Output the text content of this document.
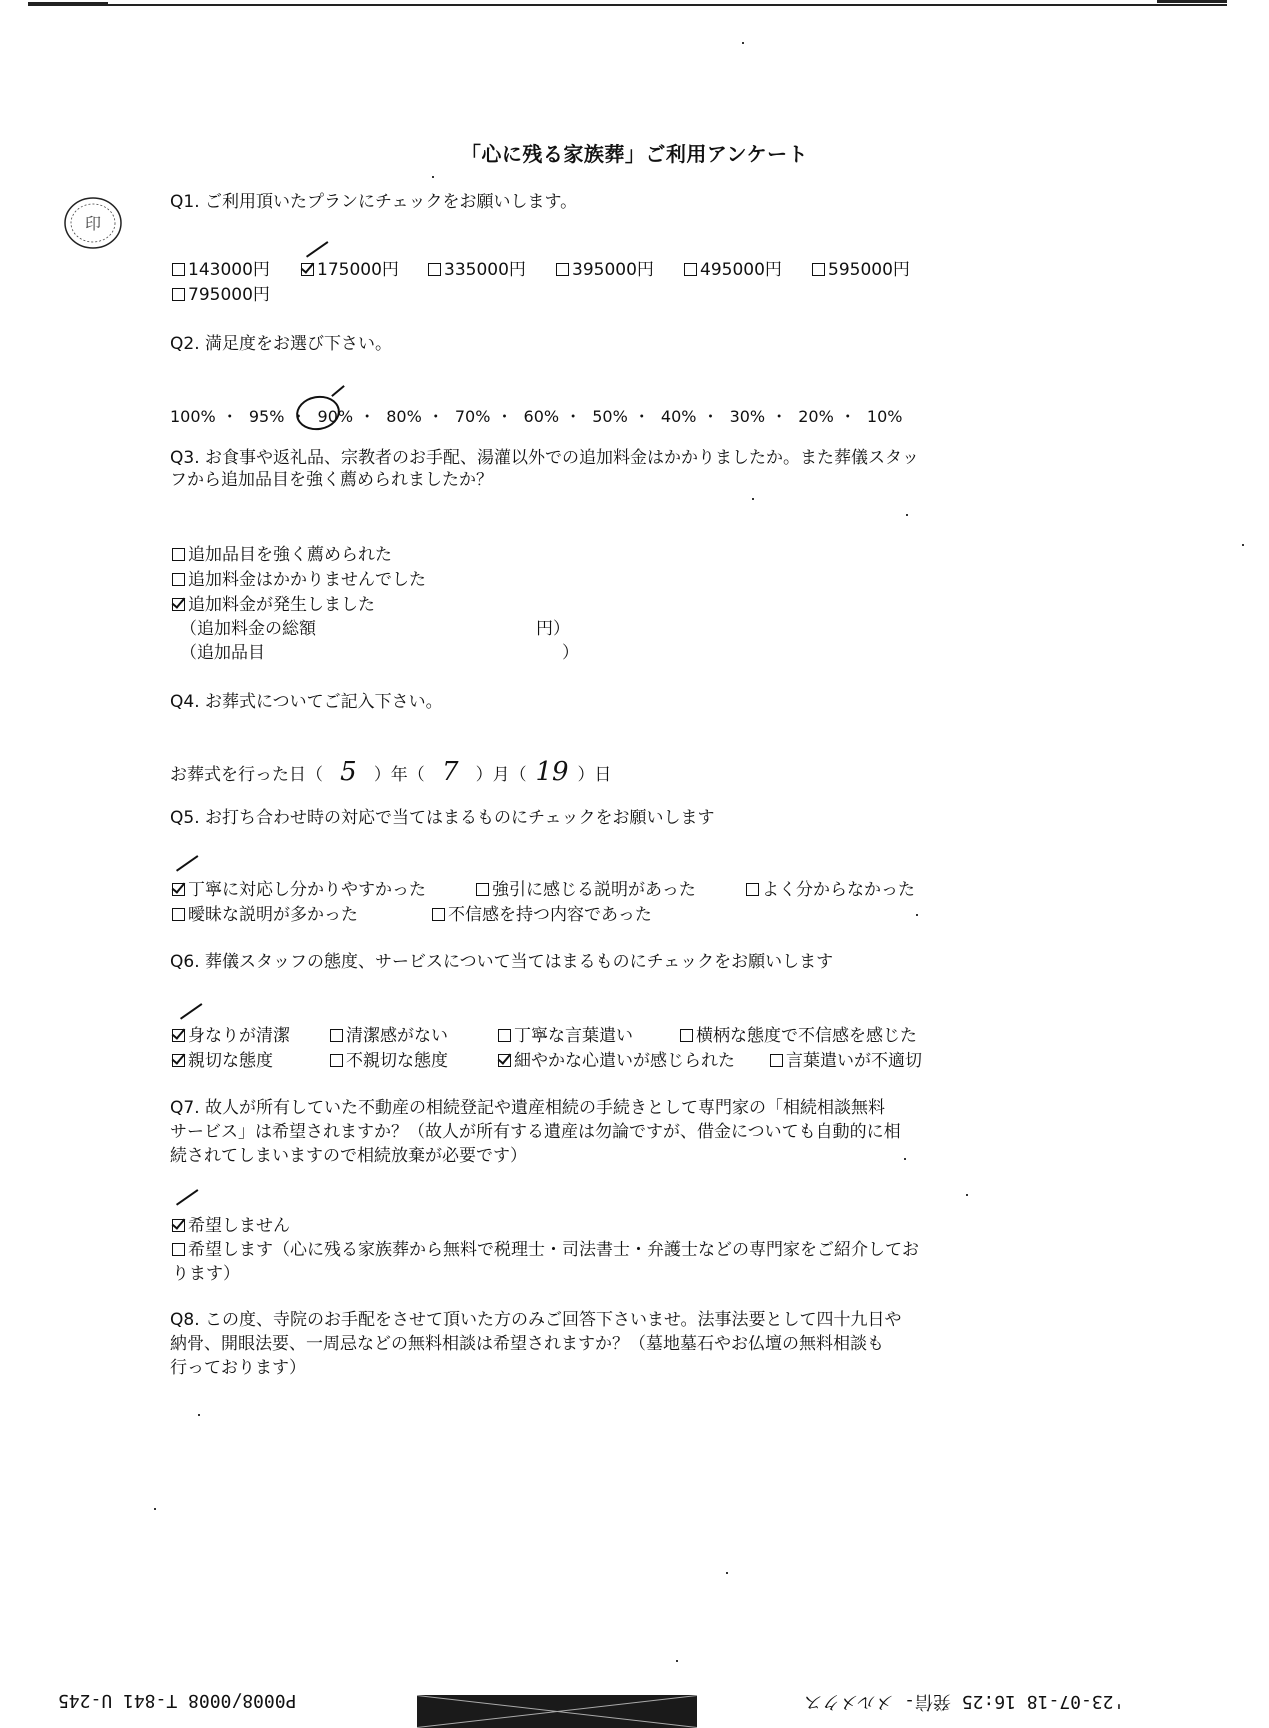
「心に残る家族葬」ご利用アンケート
印
Q1. ご利用頂いたプランにチェックをお願いします。
143000円	175000円	335000円	395000円	495000円	595000円
795000円
Q2. 満足度をお選び下さい。
100% ・ 95% ・ 90% ・ 80% ・ 70% ・ 60% ・ 50% ・ 40% ・ 30% ・ 20% ・ 10%
Q3. お食事や返礼品、宗教者のお手配、湯灌以外での追加料金はかかりましたか。また葬儀スタッ
フから追加品目を強く薦められましたか？
追加品目を強く薦められた
追加料金はかかりませんでした
追加料金が発生しました
（追加料金の総額	円）
（追加品目	）
Q4. お葬式についてご記入下さい。
お葬式を行った日（ 5 ）年（ 7 ）月（ 19 ）日
Q5. お打ち合わせ時の対応で当てはまるものにチェックをお願いします
丁寧に対応し分かりやすかった	強引に感じる説明があった	よく分からなかった
曖昧な説明が多かった	不信感を持つ内容であった
Q6. 葬儀スタッフの態度、サービスについて当てはまるものにチェックをお願いします
身なりが清潔	清潔感がない	丁寧な言葉遣い	横柄な態度で不信感を感じた
親切な態度	不親切な態度	細やかな心遣いが感じられた	言葉遣いが不適切
Q7. 故人が所有していた不動産の相続登記や遺産相続の手続きとして専門家の「相続相談無料
サービス」は希望されますか？（故人が所有する遺産は勿論ですが、借金についても自動的に相
続されてしまいますので相続放棄が必要です）
希望しません
希望します（心に残る家族葬から無料で税理士・司法書士・弁護士などの専門家をご紹介してお
ります）
Q8. この度、寺院のお手配をさせて頂いた方のみご回答下さいませ。法事法要として四十九日や
納骨、開眼法要、一周忌などの無料相談は希望されますか？（墓地墓石やお仏壇の無料相談も
行っております）
P0008/0008 T-841 U-245	'23-07-18 16:25 発信- メルメクス
